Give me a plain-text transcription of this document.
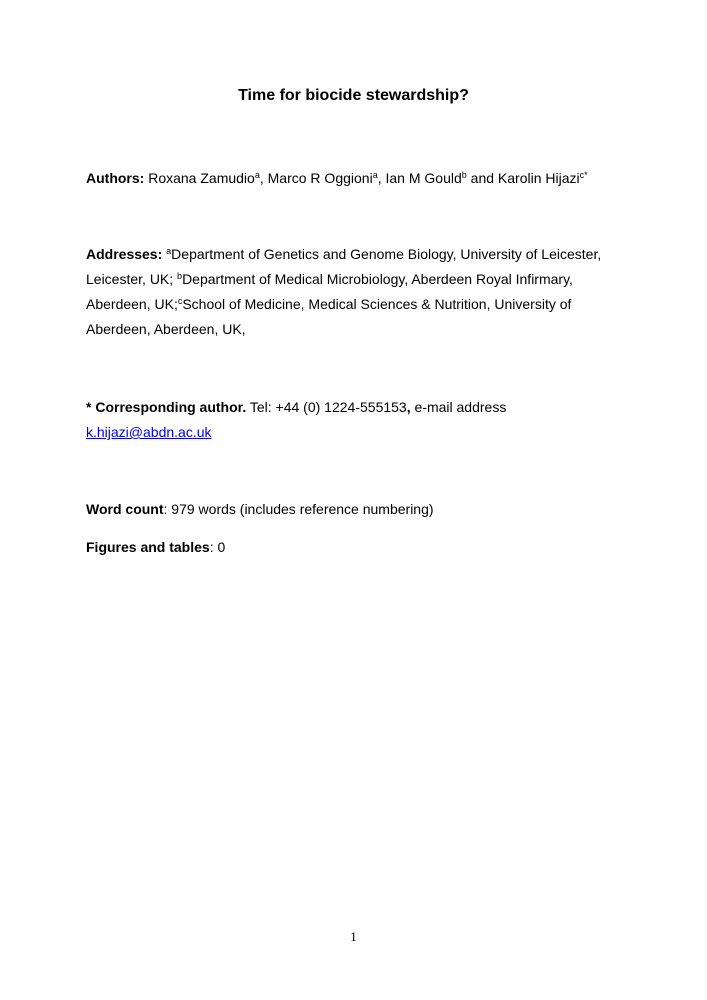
Time for biocide stewardship?
Authors: Roxana Zamudio$^a$, Marco R Oggioni$^a$, Ian M Gould$^b$ and Karolin Hijazi$^{c*}$
Addresses: $^a$Department of Genetics and Genome Biology, University of Leicester, Leicester, UK; $^b$Department of Medical Microbiology, Aberdeen Royal Infirmary, Aberdeen, UK;$^c$School of Medicine, Medical Sciences & Nutrition, University of Aberdeen, Aberdeen, UK,
* Corresponding author. Tel: +44 (0) 1224-555153, e-mail address
k.hijazi@abdn.ac.uk
Word count: 979 words (includes reference numbering)
Figures and tables: 0
1
